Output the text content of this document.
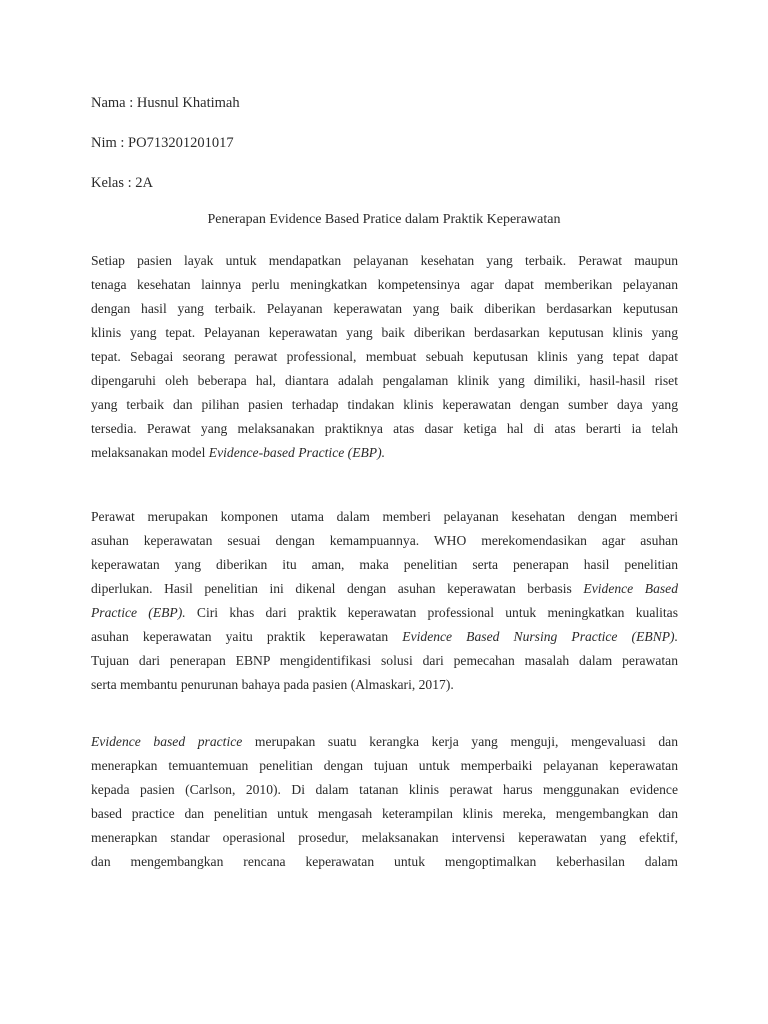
Nama : Husnul Khatimah

Nim : PO713201201017

Kelas : 2A

Penerapan Evidence Based Pratice dalam Praktik Keperawatan

Setiap pasien layak untuk mendapatkan pelayanan kesehatan yang terbaik. Perawat maupun
tenaga kesehatan lainnya perlu meningkatkan kompetensinya agar dapat memberikan pelayanan
dengan hasil yang terbaik. Pelayanan keperawatan yang baik diberikan berdasarkan keputusan
klinis yang tepat. Pelayanan keperawatan yang baik diberikan berdasarkan keputusan klinis yang
tepat. Sebagai seorang perawat professional, membuat sebuah keputusan klinis yang tepat dapat
dipengaruhi oleh beberapa hal, diantara adalah pengalaman klinik yang dimiliki, hasil-hasil riset
yang terbaik dan pilihan pasien terhadap tindakan klinis keperawatan dengan sumber daya yang
tersedia. Perawat yang melaksanakan praktiknya atas dasar ketiga hal di atas berarti ia telah
melaksanakan model Evidence-based Practice (EBP).
Perawat merupakan komponen utama dalam memberi pelayanan kesehatan dengan memberi
asuhan keperawatan sesuai dengan kemampuannya. WHO merekomendasikan agar asuhan
keperawatan yang diberikan itu aman, maka penelitian serta penerapan hasil penelitian
diperlukan. Hasil penelitian ini dikenal dengan asuhan keperawatan berbasis Evidence Based
Practice (EBP). Ciri khas dari praktik keperawatan professional untuk meningkatkan kualitas
asuhan keperawatan yaitu praktik keperawatan Evidence Based Nursing Practice (EBNP).
Tujuan dari penerapan EBNP mengidentifikasi solusi dari pemecahan masalah dalam perawatan
serta membantu penurunan bahaya pada pasien (Almaskari, 2017).
Evidence based practice merupakan suatu kerangka kerja yang menguji, mengevaluasi dan
menerapkan temuantemuan penelitian dengan tujuan untuk memperbaiki pelayanan keperawatan
kepada pasien (Carlson, 2010). Di dalam tatanan klinis perawat harus menggunakan evidence
based practice dan penelitian untuk mengasah keterampilan klinis mereka, mengembangkan dan
menerapkan standar operasional prosedur, melaksanakan intervensi keperawatan yang efektif,
dan mengembangkan rencana keperawatan untuk mengoptimalkan keberhasilan dalam
